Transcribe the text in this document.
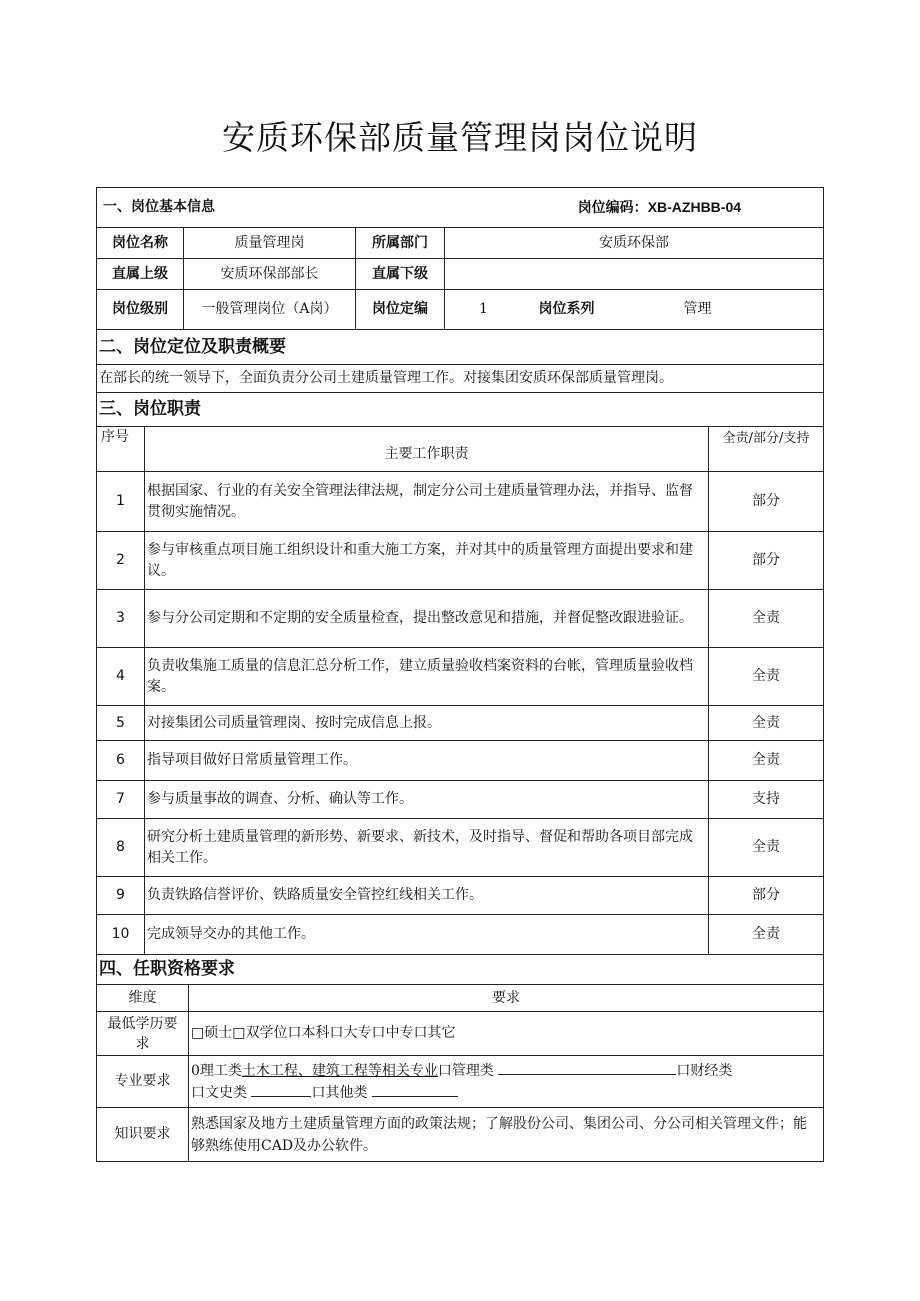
安质环保部质量管理岗岗位说明
一、岗位基本信息 岗位编码：XB-AZHBB-04					

岗位名称	质量管理岗	所属部门	安质环保部		
直属上级	安质环保部部长	直属下级			
岗位级别	一般管理岗位（A岗）	岗位定编	1	岗位系列	管理
二、岗位定位及职责概要					
在部长的统一领导下，全面负责分公司土建质量管理工作。对接集团安质环保部质量管理岗。					
三、岗位职责					
序号	主要工作职责	全责/部分/支持
1	根据国家、行业的有关安全管理法律法规，制定分公司土建质量管理办法，并指导、监督贯彻实施情况。	部分
2	参与审核重点项目施工组织设计和重大施工方案，并对其中的质量管理方面提出要求和建议。	部分
3	参与分公司定期和不定期的安全质量检查，提出整改意见和措施，并督促整改跟进验证。	全责
4	负责收集施工质量的信息汇总分析工作，建立质量验收档案资料的台帐，管理质量验收档案。	全责
5	对接集团公司质量管理岗、按时完成信息上报。	全责
6	指导项目做好日常质量管理工作。	全责
7	参与质量事故的调查、分析、确认等工作。	支持
8	研究分析土建质量管理的新形势、新要求、新技术，及时指导、督促和帮助各项目部完成相关工作。	全责
9	负责铁路信誉评价、铁路质量安全管控红线相关工作。	部分
10	完成领导交办的其他工作。	全责
四、任职资格要求	
维度	要求
最低学历要求	□硕士□双学位口本科口大专口中专口其它
专业要求	0理工类土木工程、建筑工程等相关专业口管理类 口财经类
口文史类 口其他类

知识要求	熟悉国家及地方土建质量管理方面的政策法规；了解股份公司、集团公司、分公司相关管理文件；能够熟练使用CAD及办公软件。
